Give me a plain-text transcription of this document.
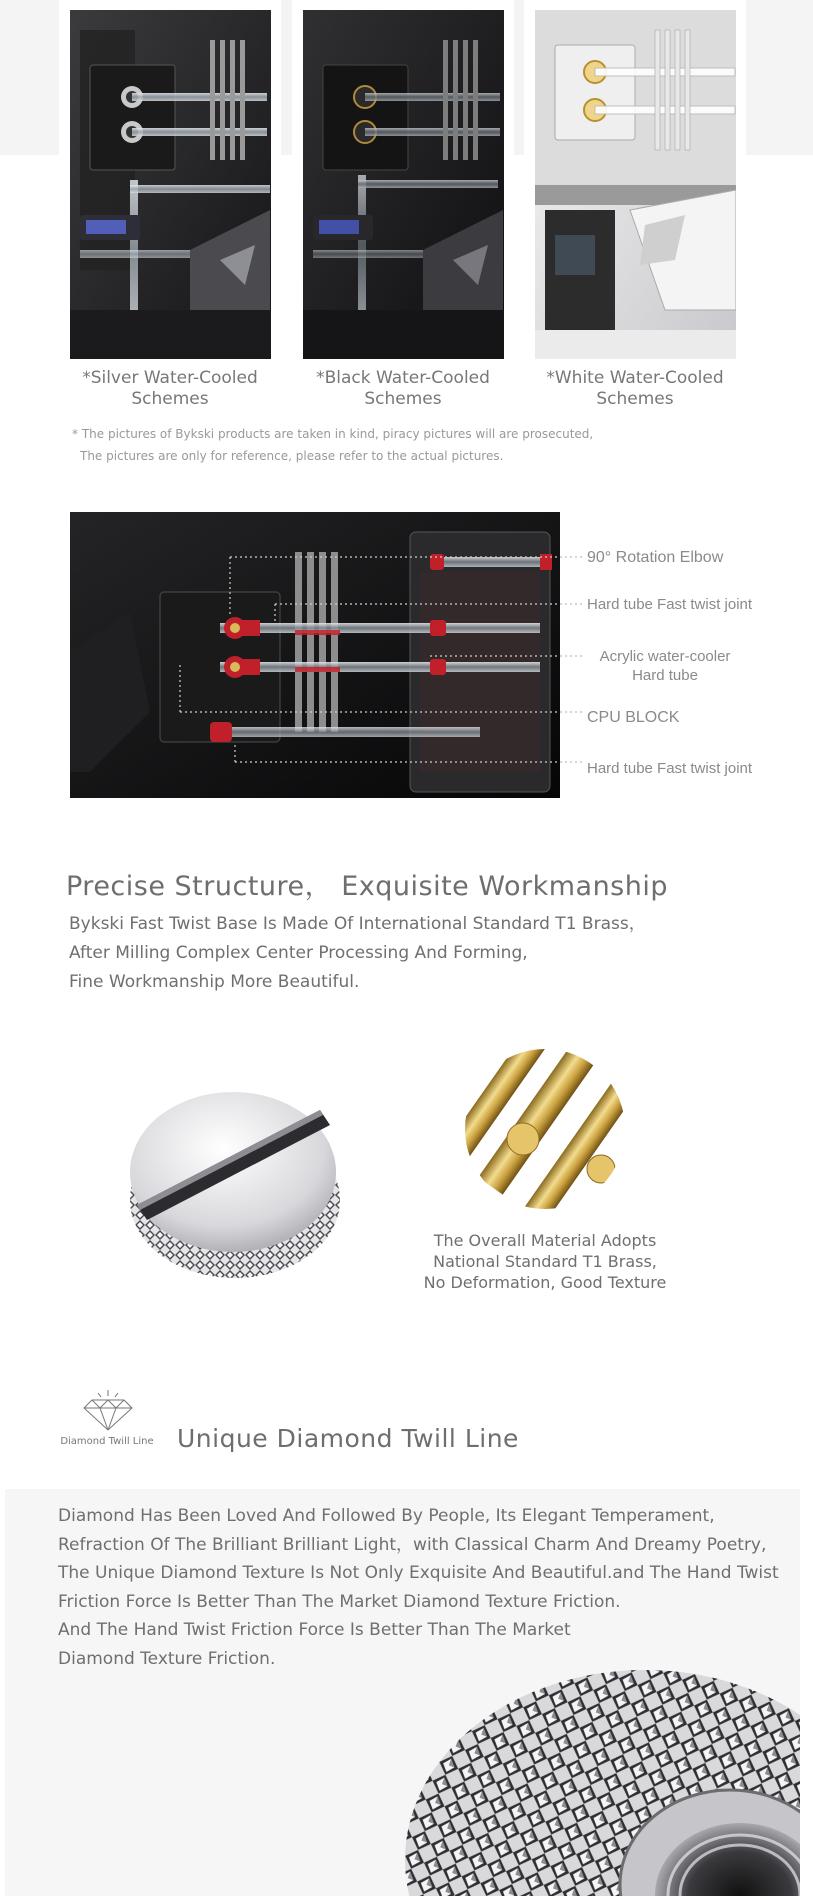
*Silver Water-Cooled
Schemes
*Black Water-Cooled
Schemes
*White Water-Cooled
Schemes
* The pictures of Bykski products are taken in kind, piracy pictures will are prosecuted,
The pictures are only for reference, please refer to the actual pictures.
90° Rotation Elbow
Hard tube Fast twist joint
Acrylic water-cooler
Hard tube
CPU BLOCK
Hard tube Fast twist joint
Precise Structure， Exquisite Workmanship
Bykski Fast Twist Base Is Made Of International Standard T1 Brass，
After Milling Complex Center Processing And Forming,
Fine Workmanship More Beautiful.
The Overall Material Adopts
National Standard T1 Brass,
No Deformation, Good Texture
Diamond Twill Line Unique Diamond Twill Line
Diamond Has Been Loved And Followed By People, Its Elegant Temperament,
Refraction Of The Brilliant Brilliant Light，with Classical Charm And Dreamy Poetry,
The Unique Diamond Texture Is Not Only Exquisite And Beautiful.and The Hand Twist
Friction Force Is Better Than The Market Diamond Texture Friction.
And The Hand Twist Friction Force Is Better Than The Market
Diamond Texture Friction.
